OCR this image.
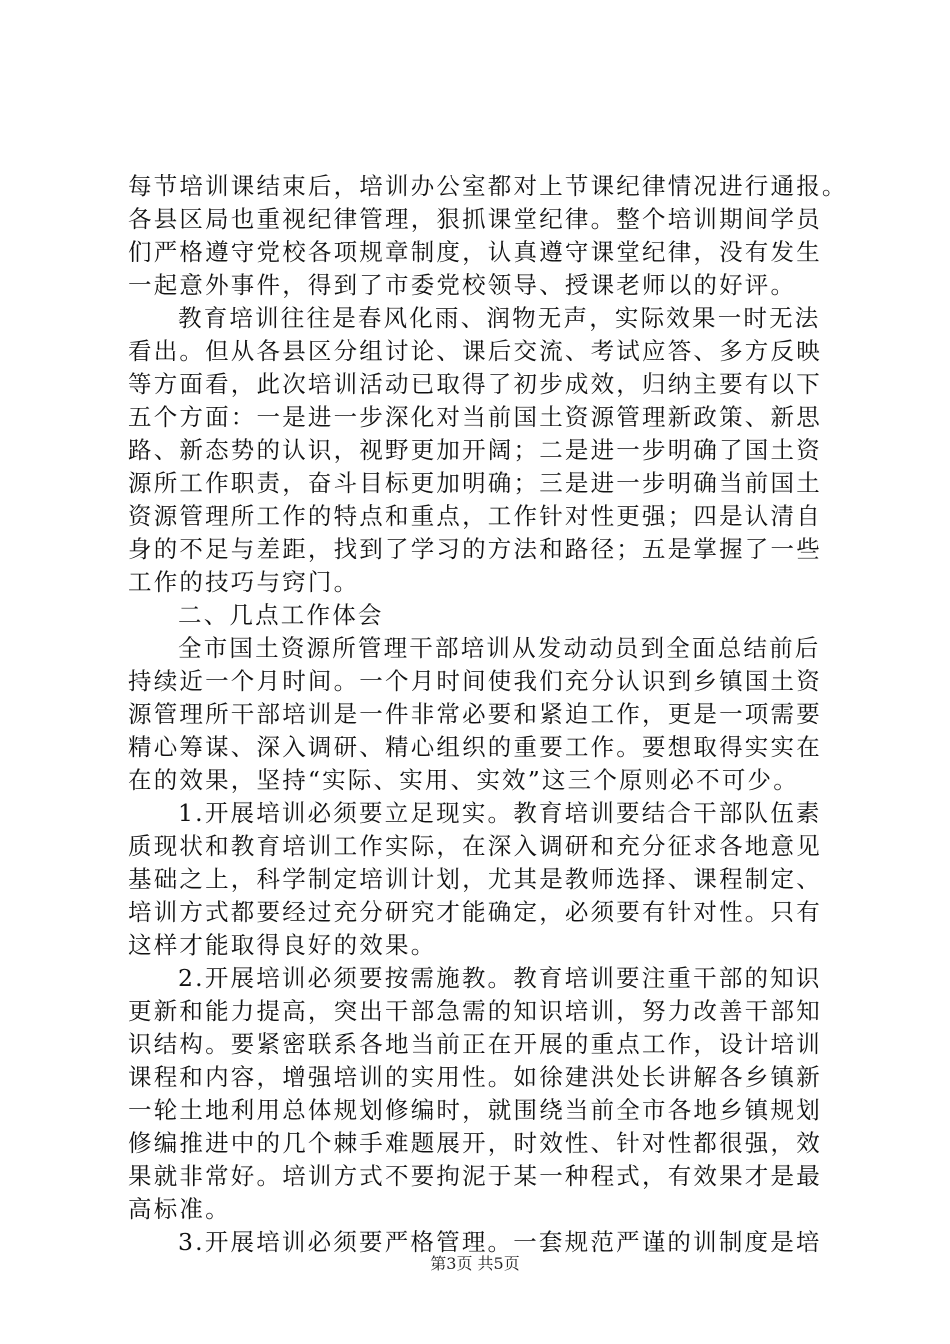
每节培训课结束后，培训办公室都对上节课纪律情况进行通报。
各县区局也重视纪律管理，狠抓课堂纪律。整个培训期间学员
们严格遵守党校各项规章制度，认真遵守课堂纪律，没有发生
一起意外事件，得到了市委党校领导、授课老师以的好评。
教育培训往往是春风化雨、润物无声，实际效果一时无法
看出。但从各县区分组讨论、课后交流、考试应答、多方反映
等方面看，此次培训活动已取得了初步成效，归纳主要有以下
五个方面：一是进一步深化对当前国土资源管理新政策、新思
路、新态势的认识，视野更加开阔；二是进一步明确了国土资
源所工作职责，奋斗目标更加明确；三是进一步明确当前国土
资源管理所工作的特点和重点，工作针对性更强；四是认清自
身的不足与差距，找到了学习的方法和路径；五是掌握了一些
工作的技巧与窍门。
二、几点工作体会
全市国土资源所管理干部培训从发动动员到全面总结前后
持续近一个月时间。一个月时间使我们充分认识到乡镇国土资
源管理所干部培训是一件非常必要和紧迫工作，更是一项需要
精心筹谋、深入调研、精心组织的重要工作。要想取得实实在
在的效果，坚持“实际、实用、实效”这三个原则必不可少。
1.开展培训必须要立足现实。教育培训要结合干部队伍素
质现状和教育培训工作实际，在深入调研和充分征求各地意见
基础之上，科学制定培训计划，尤其是教师选择、课程制定、
培训方式都要经过充分研究才能确定，必须要有针对性。只有
这样才能取得良好的效果。
2.开展培训必须要按需施教。教育培训要注重干部的知识
更新和能力提高，突出干部急需的知识培训，努力改善干部知
识结构。要紧密联系各地当前正在开展的重点工作，设计培训
课程和内容，增强培训的实用性。如徐建洪处长讲解各乡镇新
一轮土地利用总体规划修编时，就围绕当前全市各地乡镇规划
修编推进中的几个棘手难题展开，时效性、针对性都很强，效
果就非常好。培训方式不要拘泥于某一种程式，有效果才是最
高标准。
3.开展培训必须要严格管理。一套规范严谨的训制度是培
第3页 共5页
